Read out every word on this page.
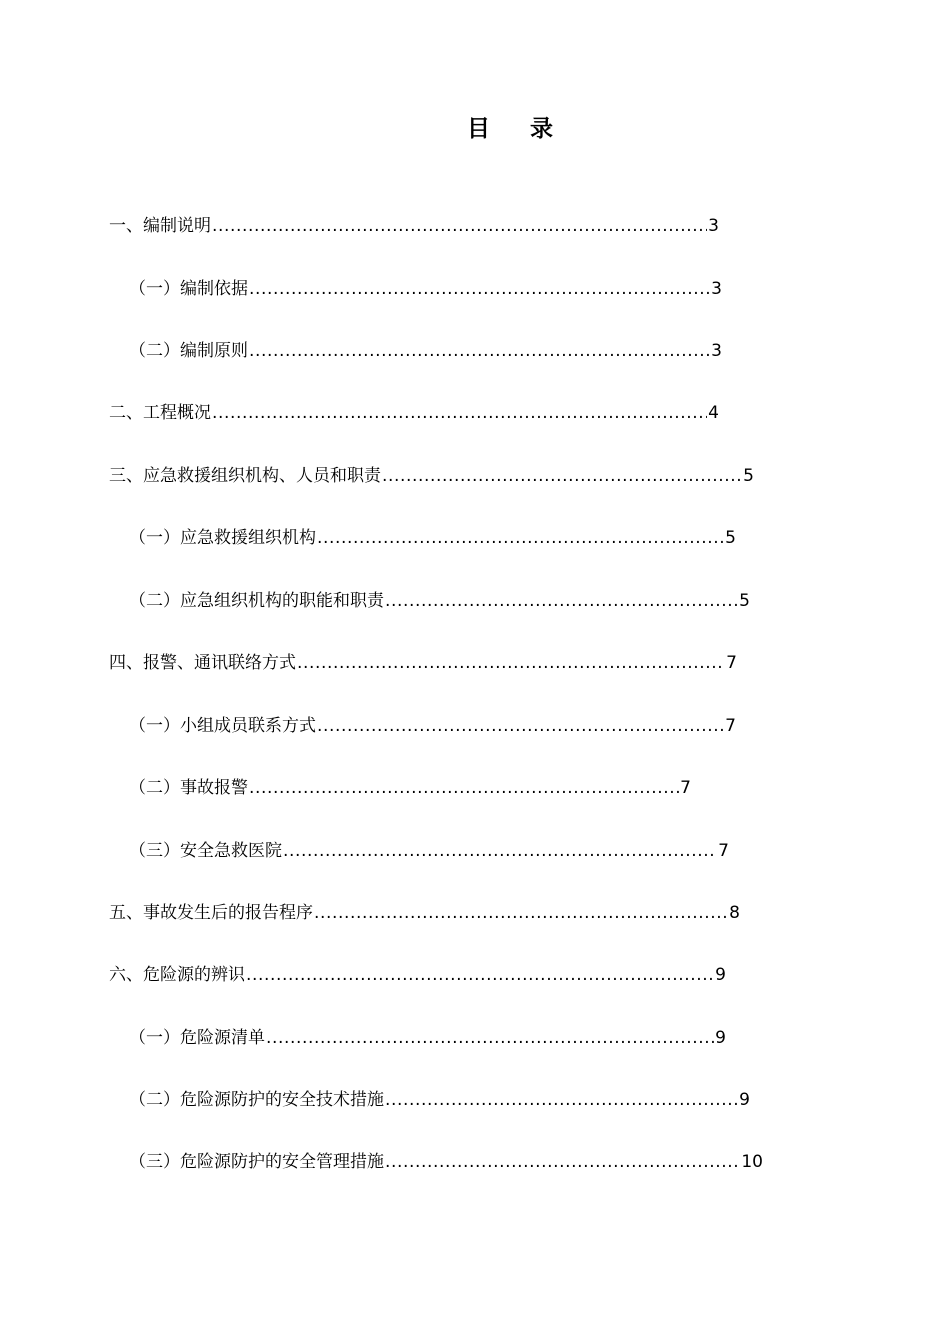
目     录
一、编制说明 .....	3
（一）编制依据 .....	3
（二）编制原则 .....	3
二、工程概况 .....	4
三、应急救援组织机构、人员和职责 .....	5
（一）应急救援组织机构 .....	5
（二）应急组织机构的职能和职责 .....	5
四、报警、通讯联络方式 .....	7
（一）小组成员联系方式 .....	7
（二）事故报警 .....	7
（三）安全急救医院 .....	7
五、事故发生后的报告程序 .....	8
六、危险源的辨识 .....	9
（一）危险源清单 .....	9
（二）危险源防护的安全技术措施 .....	9
（三）危险源防护的安全管理措施 .....	10
